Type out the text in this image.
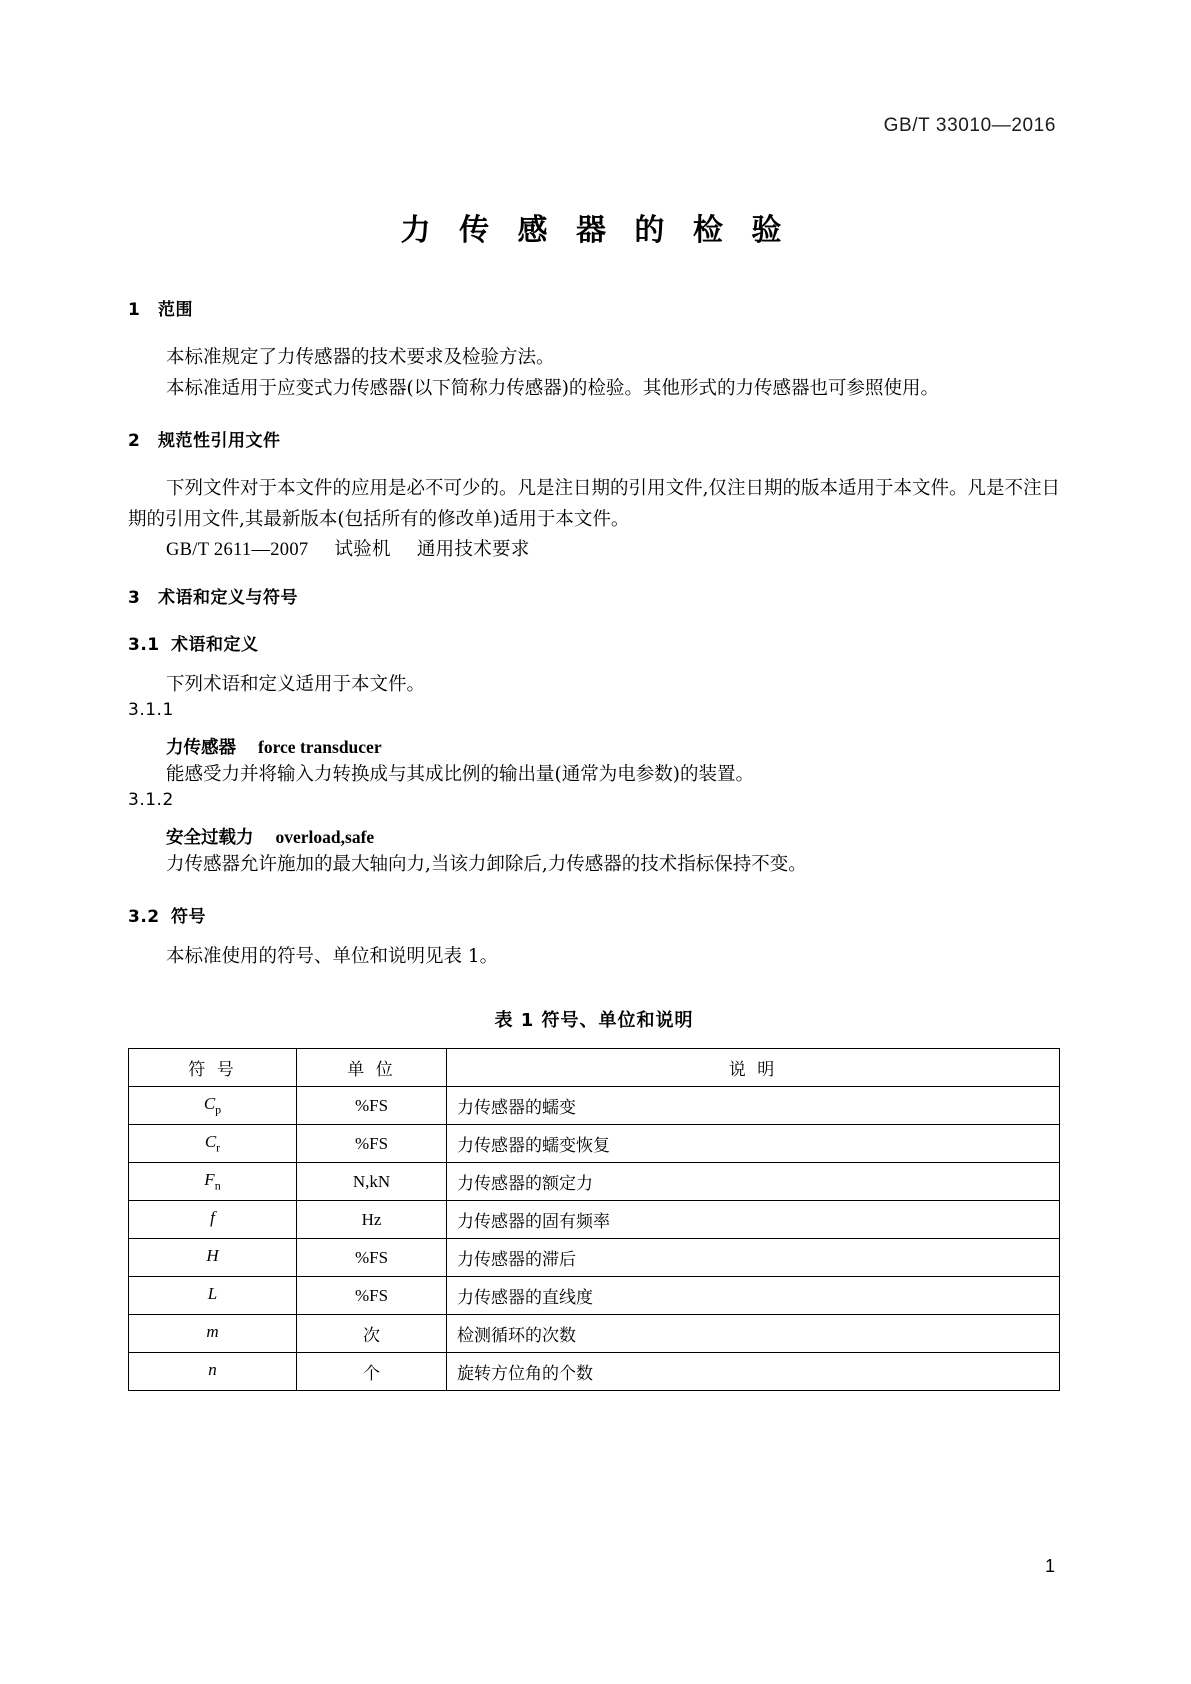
GB/T 33010—2016
力 传 感 器 的 检 验
1 范围
本标准规定了力传感器的技术要求及检验方法。
本标准适用于应变式力传感器(以下简称力传感器)的检验。其他形式的力传感器也可参照使用。
2 规范性引用文件
下列文件对于本文件的应用是必不可少的。凡是注日期的引用文件,仅注日期的版本适用于本文件。凡是不注日期的引用文件,其最新版本(包括所有的修改单)适用于本文件。
GB/T 2611—2007 试验机 通用技术要求
3 术语和定义与符号
3.1 术语和定义
下列术语和定义适用于本文件。
3.1.1
力传感器 force transducer
能感受力并将输入力转换成与其成比例的输出量(通常为电参数)的装置。
3.1.2
安全过载力 overload,safe
力传感器允许施加的最大轴向力,当该力卸除后,力传感器的技术指标保持不变。
3.2 符号
本标准使用的符号、单位和说明见表 1。
表 1 符号、单位和说明
符 号	单 位	说 明
$C_p$	%FS	力传感器的蠕变
$C_r$	%FS	力传感器的蠕变恢复
$F_n$	N,kN	力传感器的额定力
f	Hz	力传感器的固有频率
H	%FS	力传感器的滞后
L	%FS	力传感器的直线度
m	次	检测循环的次数
n	个	旋转方位角的个数
1
